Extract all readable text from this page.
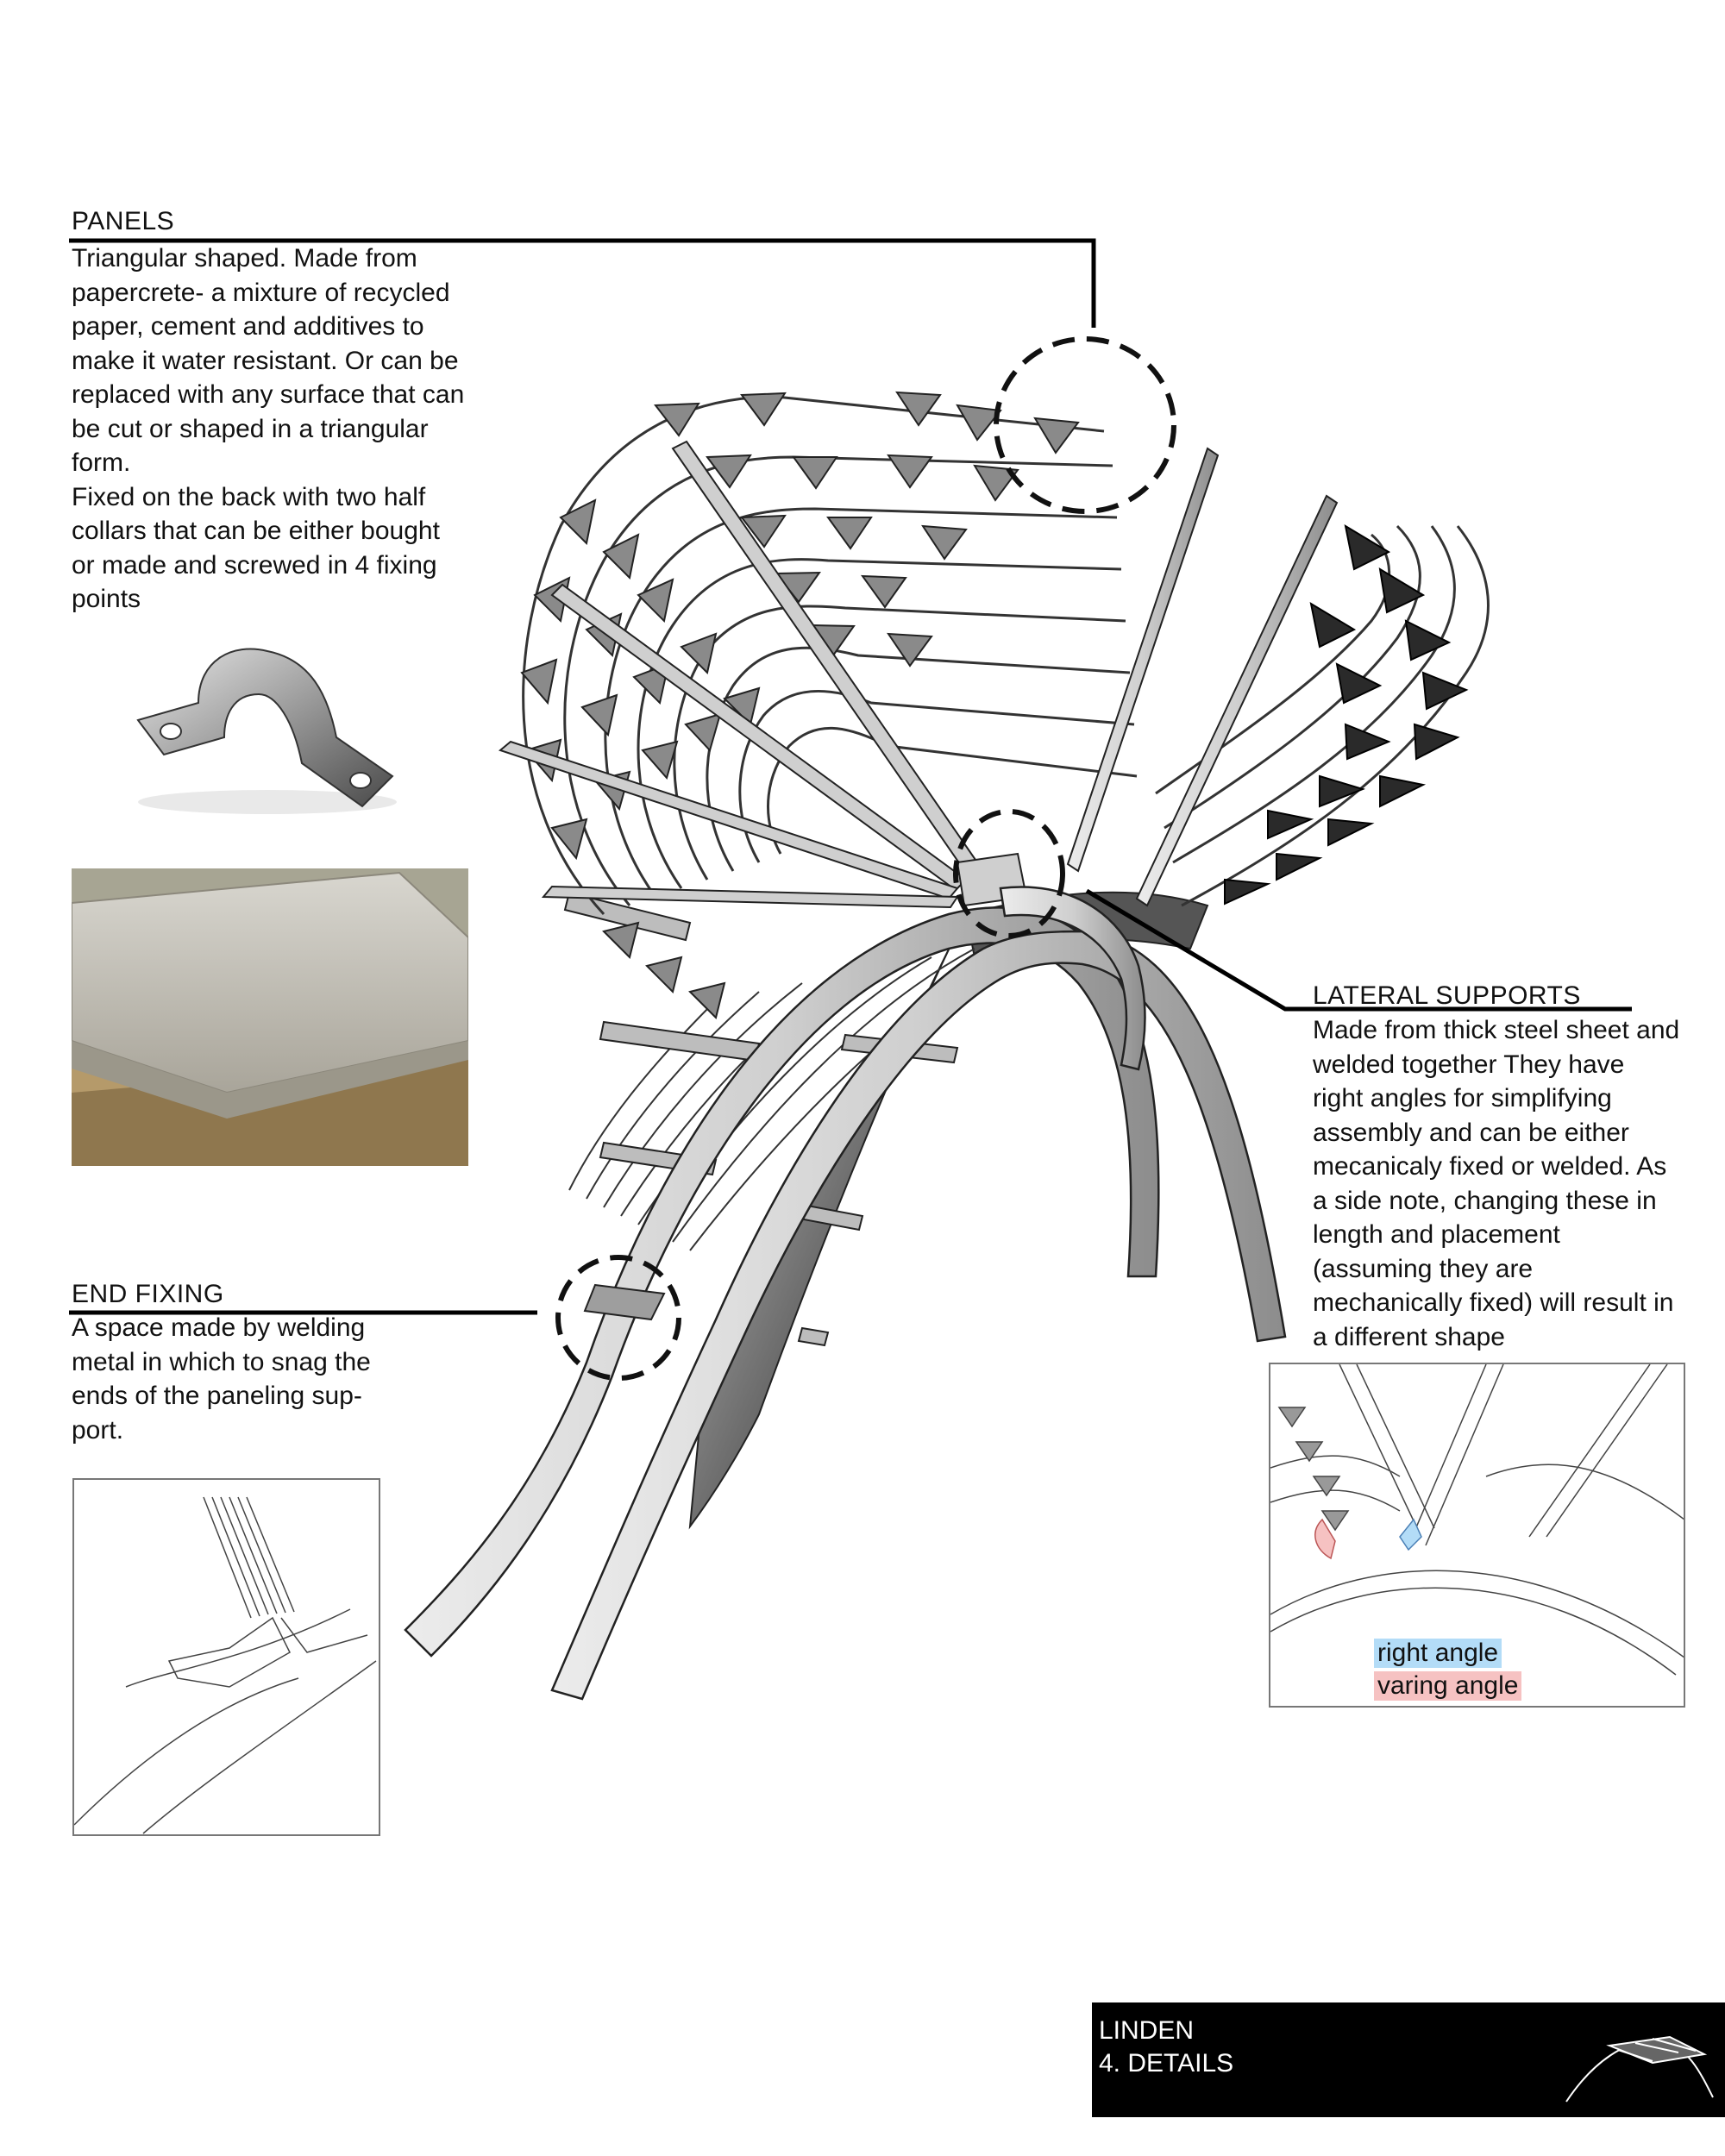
PANELS
Triangular shaped. Made from
papercrete- a mixture of recycled
paper, cement and additives to
make it water resistant. Or can be
replaced with any surface that can
be cut or shaped in a triangular
form.
Fixed on the back with two half
collars that can be either bought
or made and screwed in 4 fixing
points
END FIXING
A space made by welding
metal in which to snag the
ends of the paneling sup-
port.
LATERAL SUPPORTS
Made from thick steel sheet and
welded together They have
right angles for simplifying
assembly and can be either
mecanicaly fixed or welded. As
a side note, changing these in
length and placement
(assuming they are
mechanically fixed) will result in
a different shape
right angle
varing angle
LINDEN
4. DETAILS
